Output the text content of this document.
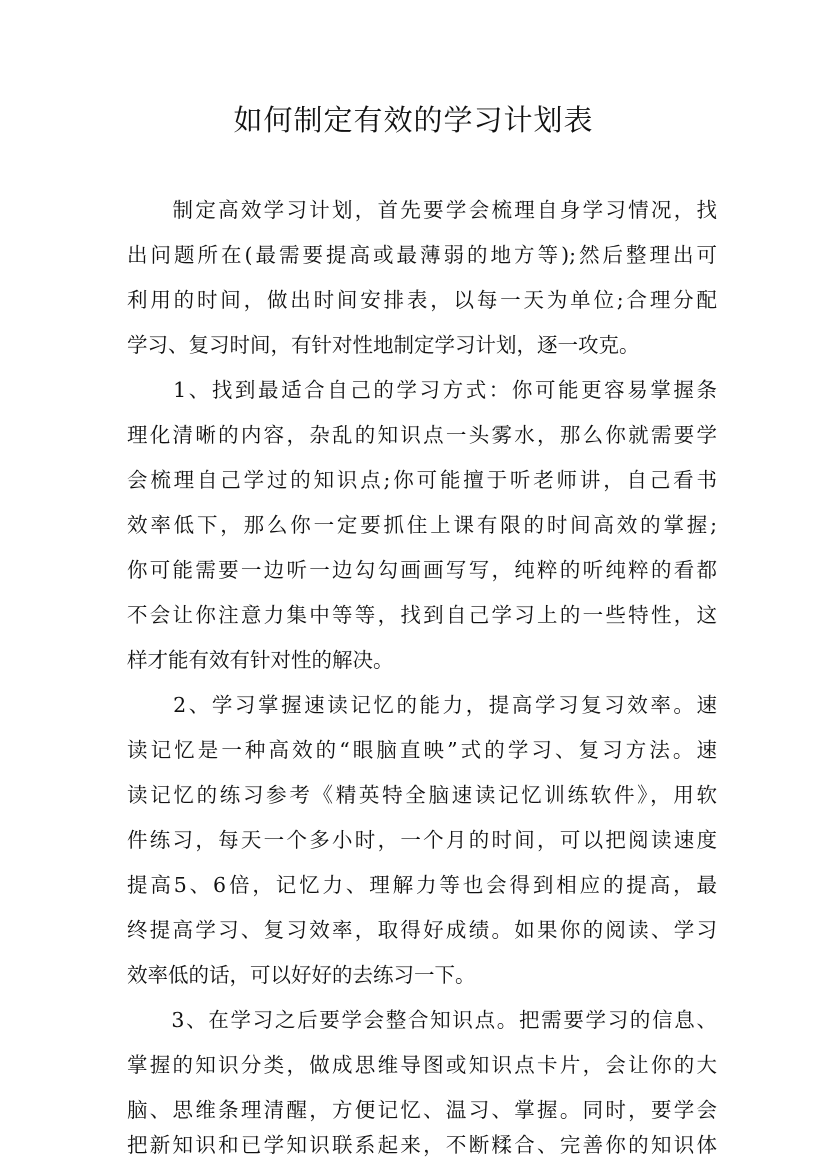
如何制定有效的学习计划表

　　制定高效学习计划，首先要学会梳理自身学习情况，找

出问题所在(最需要提高或最薄弱的地方等);然后整理出可

利用的时间，做出时间安排表，以每一天为单位;合理分配

学习、复习时间，有针对性地制定学习计划，逐一攻克。

　　1、找到最适合自己的学习方式：你可能更容易掌握条

理化清晰的内容，杂乱的知识点一头雾水，那么你就需要学

会梳理自己学过的知识点;你可能擅于听老师讲，自己看书

效率低下，那么你一定要抓住上课有限的时间高效的掌握;

你可能需要一边听一边勾勾画画写写，纯粹的听纯粹的看都

不会让你注意力集中等等，找到自己学习上的一些特性，这

样才能有效有针对性的解决。

　　2、学习掌握速读记忆的能力，提高学习复习效率。速

读记忆是一种高效的“眼脑直映”式的学习、复习方法。速

读记忆的练习参考《精英特全脑速读记忆训练软件》，用软

件练习，每天一个多小时，一个月的时间，可以把阅读速度

提高5、6倍，记忆力、理解力等也会得到相应的提高，最

终提高学习、复习效率，取得好成绩。如果你的阅读、学习

效率低的话，可以好好的去练习一下。

　　3、在学习之后要学会整合知识点。把需要学习的信息、

掌握的知识分类，做成思维导图或知识点卡片，会让你的大

脑、思维条理清醒，方便记忆、温习、掌握。同时，要学会

把新知识和已学知识联系起来，不断糅合、完善你的知识体
